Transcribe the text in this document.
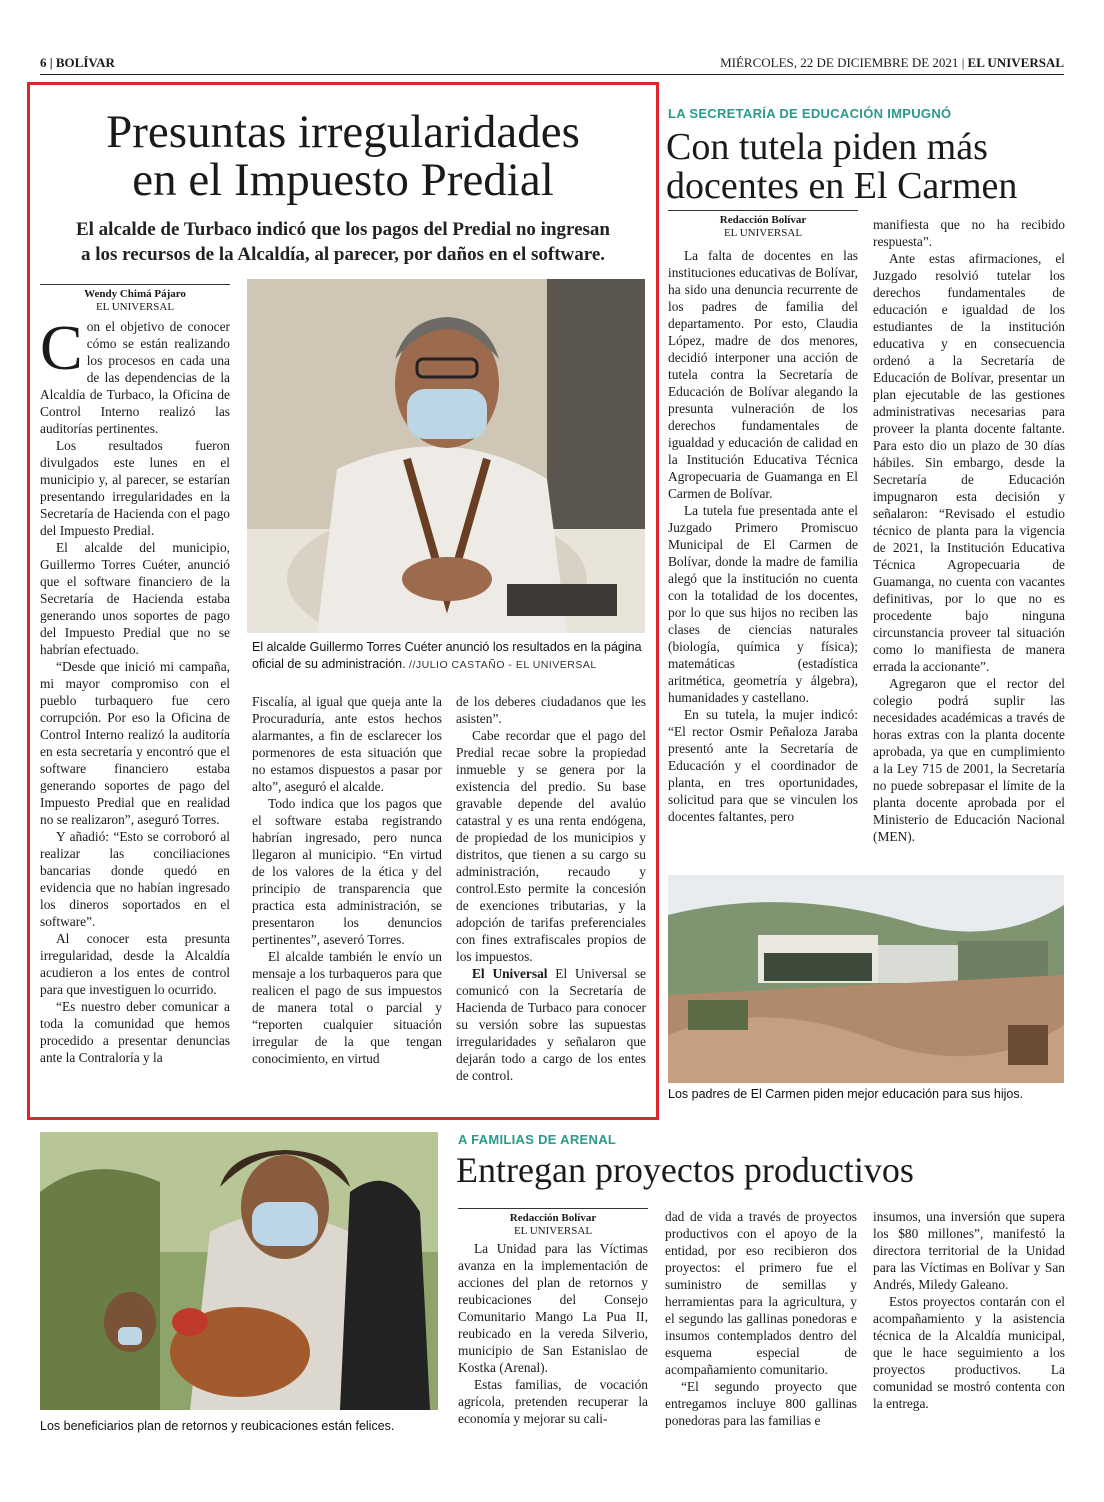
6 | BOLÍVAR	MIÉRCOLES, 22 DE DICIEMBRE DE 2021 | EL UNIVERSAL
Presuntas irregularidades
en el Impuesto Predial
El alcalde de Turbaco indicó que los pagos del Predial no ingresan
a los recursos de la Alcaldía, al parecer, por daños en el software.
Wendy Chimá Pájaro
EL UNIVERSAL

Con el objetivo de conocer cómo se están realizando los procesos en cada una de las dependencias de la Alcaldía de Turbaco, la Oficina de Control Interno realizó las auditorías pertinentes.

Los resultados fueron divulgados este lunes en el municipio y, al parecer, se estarían presentando irregularidades en la Secretaría de Hacienda con el pago del Impuesto Predial.

El alcalde del municipio, Guillermo Torres Cuéter, anunció que el software financiero de la Secretaría de Hacienda estaba generando unos soportes de pago del Impuesto Predial que no se habrían efectuado.

“Desde que inició mi campaña, mi mayor compromiso con el pueblo turbaquero fue cero corrupción. Por eso la Oficina de Control Interno realizó la auditoría en esta secretaría y encontró que el software financiero estaba generando soportes de pago del Impuesto Predial que en realidad no se realizaron”, aseguró Torres.

Y añadió: “Esto se corroboró al realizar las conciliaciones bancarias donde quedó en evidencia que no habían ingresado los dineros soportados en el software”.

Al conocer esta presunta irregularidad, desde la Alcaldía acudieron a los entes de control para que investiguen lo ocurrido.

“Es nuestro deber comunicar a toda la comunidad que hemos procedido a presentar denuncias ante la Contraloría y la

El alcalde Guillermo Torres Cuéter anunció los resultados en la página oficial de su administración. //JULIO CASTAÑO - EL UNIVERSAL

Fiscalía, al igual que queja ante la Procuraduría, ante estos hechos alarmantes, a fin de esclarecer los pormenores de esta situación que no estamos dispuestos a pasar por alto”, aseguró el alcalde.

Todo indica que los pagos que el software estaba registrando habrían ingresado, pero nunca llegaron al municipio. “En virtud de los valores de la ética y del principio de transparencia que practica esta administración, se presentaron los denuncios pertinentes”, aseveró Torres.

El alcalde también le envío un mensaje a los turbaqueros para que realicen el pago de sus impuestos de manera total o parcial y “reporten cualquier situación irregular de la que tengan conocimiento, en virtud

de los deberes ciudadanos que les asisten”.

Cabe recordar que el pago del Predial recae sobre la propiedad inmueble y se genera por la existencia del predio. Su base gravable depende del avalúo catastral y es una renta endógena, de propiedad de los municipios y distritos, que tienen a su cargo su administración, recaudo y control.Esto permite la concesión de exenciones tributarias, y la adopción de tarifas preferenciales con fines extrafiscales propios de los impuestos.

El Universal El Universal se comunicó con la Secretaría de Hacienda de Turbaco para conocer su versión sobre las supuestas irregularidades y señalaron que dejarán todo a cargo de los entes de control.

LA SECRETARÍA DE EDUCACIÓN IMPUGNÓ
Con tutela piden más
docentes en El Carmen
Redacción Bolívar
EL UNIVERSAL

La falta de docentes en las instituciones educativas de Bolívar, ha sido una denuncia recurrente de los padres de familia del departamento. Por esto, Claudia López, madre de dos menores, decidió interponer una acción de tutela contra la Secretaría de Educación de Bolívar alegando la presunta vulneración de los derechos fundamentales de igualdad y educación de calidad en la Institución Educativa Técnica Agropecuaria de Guamanga en El Carmen de Bolívar.

La tutela fue presentada ante el Juzgado Primero Promiscuo Municipal de El Carmen de Bolívar, donde la madre de familia alegó que la institución no cuenta con la totalidad de los docentes, por lo que sus hijos no reciben las clases de ciencias naturales (biología, química y física); matemáticas (estadística aritmética, geometría y álgebra), humanidades y castellano.

En su tutela, la mujer indicó: “El rector Osmir Peñaloza Jaraba presentó ante la Secretaría de Educación y el coordinador de planta, en tres oportunidades, solicitud para que se vinculen los docentes faltantes, pero

manifiesta que no ha recibido respuesta”.

Ante estas afirmaciones, el Juzgado resolvió tutelar los derechos fundamentales de educación e igualdad de los estudiantes de la institución educativa y en consecuencia ordenó a la Secretaría de Educación de Bolívar, presentar un plan ejecutable de las gestiones administrativas necesarias para proveer la planta docente faltante. Para esto dio un plazo de 30 días hábiles. Sin embargo, desde la Secretaría de Educación impugnaron esta decisión y señalaron: “Revisado el estudio técnico de planta para la vigencia de 2021, la Institución Educativa Técnica Agropecuaria de Guamanga, no cuenta con vacantes definitivas, por lo que no es procedente bajo ninguna circunstancia proveer tal situación como lo manifiesta de manera errada la accionante”.

Agregaron que el rector del colegio podrá suplir las necesidades académicas a través de horas extras con la planta docente aprobada, ya que en cumplimiento a la Ley 715 de 2001, la Secretaría no puede sobrepasar el límite de la planta docente aprobada por el Ministerio de Educación Nacional (MEN).

Los padres de El Carmen piden mejor educación para sus hijos.
Los beneficiarios plan de retornos y reubicaciones están felices.
A FAMILIAS DE ARENAL
Entregan proyectos productivos
Redacción Bolívar
EL UNIVERSAL

La Unidad para las Víctimas avanza en la implementación de acciones del plan de retornos y reubicaciones del Consejo Comunitario Mango La Pua II, reubicado en la vereda Silverio, municipio de San Estanislao de Kostka (Arenal).

Estas familias, de vocación agrícola, pretenden recuperar la economía y mejorar su cali-

dad de vida a través de proyectos productivos con el apoyo de la entidad, por eso recibieron dos proyectos: el primero fue el suministro de semillas y herramientas para la agricultura, y el segundo las gallinas ponedoras e insumos contemplados dentro del esquema especial de acompañamiento comunitario.

“El segundo proyecto que entregamos incluye 800 gallinas ponedoras para las familias e

insumos, una inversión que supera los $80 millones”, manifestó la directora territorial de la Unidad para las Víctimas en Bolívar y San Andrés, Miledy Galeano.

Estos proyectos contarán con el acompañamiento y la asistencia técnica de la Alcaldía municipal, que le hace seguimiento a los proyectos productivos. La comunidad se mostró contenta con la entrega.
